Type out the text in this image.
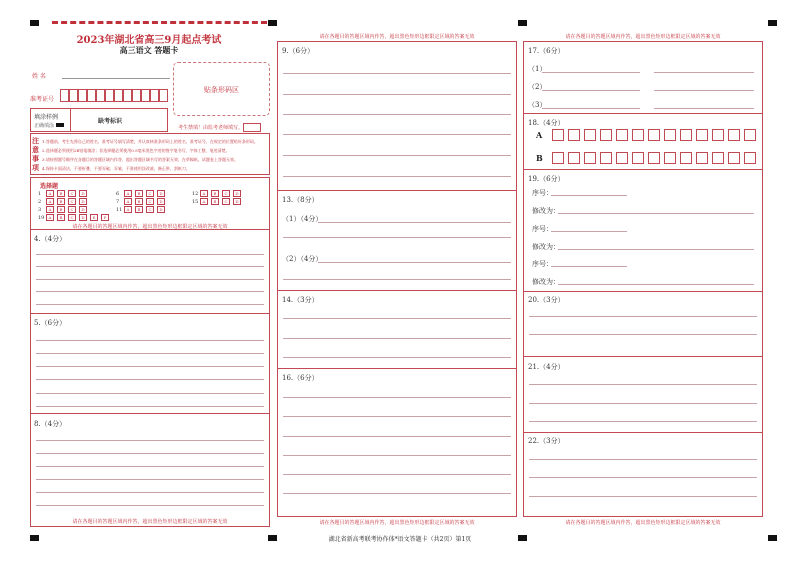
2023年湖北省高三9月起点考试
高三语文 答题卡
姓 名
准考证号
贴条形码区
填涂样例
正确填涂
缺考标识
考生禁填！由监考老师填写。
注意事项
1.答题前，考生先将自己的姓名、准考证号填写清楚，并认真核准条形码上的姓名、准考证号，在规定的位置贴好条形码。
2.选择题必须使用2B铅笔填涂；非选择题必须使用0.5毫米黑色字迹的签字笔书写，字体工整、笔迹清楚。
3.请按照题号顺序在各题目的答题区域内作答，超出答题区域书写的答案无效；在草稿纸、试题卷上答题无效。
4.保持卡面清洁，不要折叠，不要弄破、弄皱，不准使用涂改液、修正带、刮纸刀。
选择题
1 A B C D
2 A B C D
3 A B C D
19 A B C D E F
6 A B C D
7 A B C D
11 A B C D
12 A B C D
15 A B C D
请在各题目的答题区域内作答，超出黑色矩形边框限定区域的答案无效
4.（4分）
5.（6分）
8.（4分）
请在各题目的答题区域内作答，超出黑色矩形边框限定区域的答案无效
请在各题目的答题区域内作答，超出黑色矩形边框限定区域的答案无效
9.（6分）
13.（8分）
（1）（4分）
（2）（4分）
14.（3分）
16.（6分）
请在各题目的答题区域内作答，超出黑色矩形边框限定区域的答案无效
请在各题目的答题区域内作答，超出黑色矩形边框限定区域的答案无效
17.（6分）
（1）
（2）
（3）
18.（4分）
A
B
19.（6分）
序号：
修改为：
序号：
修改为：
序号：
修改为：
20.（3分）
21.（4分）
22.（3分）
请在各题目的答题区域内作答，超出黑色矩形边框限定区域的答案无效
湖北省新高考联考协作体*语文答题卡（共2页）第1页
